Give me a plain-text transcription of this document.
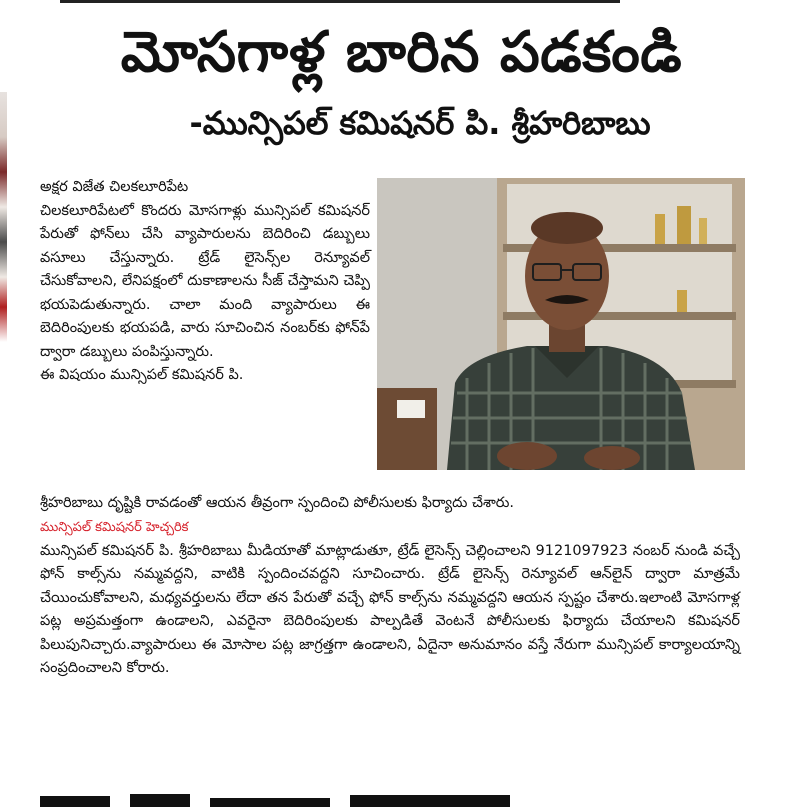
మోసగాళ్ల బారిన పడకండి
-మున్సిపల్ కమిషనర్ పి. శ్రీహరిబాబు
అక్షర విజేత చిలకలూరిపేట

చిలకలూరిపేటలో కొందరు మోసగాళ్లు మున్సిపల్ కమిషనర్ పేరుతో ఫోన్‌లు చేసి వ్యాపారులను బెదిరించి డబ్బులు వసూలు చేస్తున్నారు. ట్రేడ్ లైసెన్స్‌ల రెన్యూవల్ చేసుకోవాలని, లేనిపక్షంలో దుకాణాలను సీజ్ చేస్తామని చెప్పి భయపెడుతున్నారు. చాలా మంది వ్యాపారులు ఈ బెదిరింపులకు భయపడి, వారు సూచించిన నంబర్‌కు ఫోన్‌పే ద్వారా డబ్బులు పంపిస్తున్నారు.

ఈ విషయం మున్సిపల్ కమిషనర్ పి.

శ్రీహరిబాబు దృష్టికి రావడంతో ఆయన తీవ్రంగా స్పందించి పోలీసులకు ఫిర్యాదు చేశారు.

మున్సిపల్ కమిషనర్ హెచ్చరిక

మున్సిపల్ కమిషనర్ పి. శ్రీహరిబాబు మీడియాతో మాట్లాడుతూ, ట్రేడ్ లైసెన్స్ చెల్లించాలని 9121097923 నంబర్ నుండి వచ్చే ఫోన్ కాల్స్‌ను నమ్మవద్దని, వాటికి స్పందించవద్దని సూచించారు. ట్రేడ్ లైసెన్స్ రెన్యూవల్ ఆన్‌లైన్ ద్వారా మాత్రమే చేయించుకోవాలని, మధ్యవర్తులను లేదా తన పేరుతో వచ్చే ఫోన్ కాల్స్‌ను నమ్మవద్దని ఆయన స్పష్టం చేశారు.ఇలాంటి మోసగాళ్ల పట్ల అప్రమత్తంగా ఉండాలని, ఎవరైనా బెదిరింపులకు పాల్పడితే వెంటనే పోలీసులకు ఫిర్యాదు చేయాలని కమిషనర్ పిలుపునిచ్చారు.వ్యాపారులు ఈ మోసాల పట్ల జాగ్రత్తగా ఉండాలని, ఏదైనా అనుమానం వస్తే నేరుగా మున్సిపల్ కార్యాలయాన్ని సంప్రదించాలని కోరారు.
